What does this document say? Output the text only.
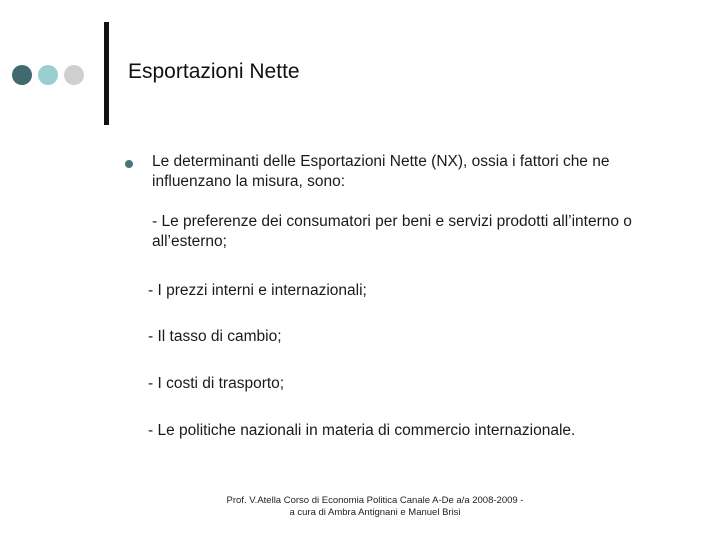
Esportazioni Nette
Le determinanti delle Esportazioni Nette (NX), ossia i fattori che ne influenzano la misura, sono:
- Le preferenze dei consumatori per beni e servizi prodotti all’interno o all’esterno;
- I prezzi interni e internazionali;
- Il tasso di cambio;
- I costi di trasporto;
- Le politiche nazionali in materia di commercio internazionale.
Prof. V.Atella Corso di Economia Politica Canale A-De a/a 2008-2009 -
a cura di Ambra Antignani e Manuel Brisi
